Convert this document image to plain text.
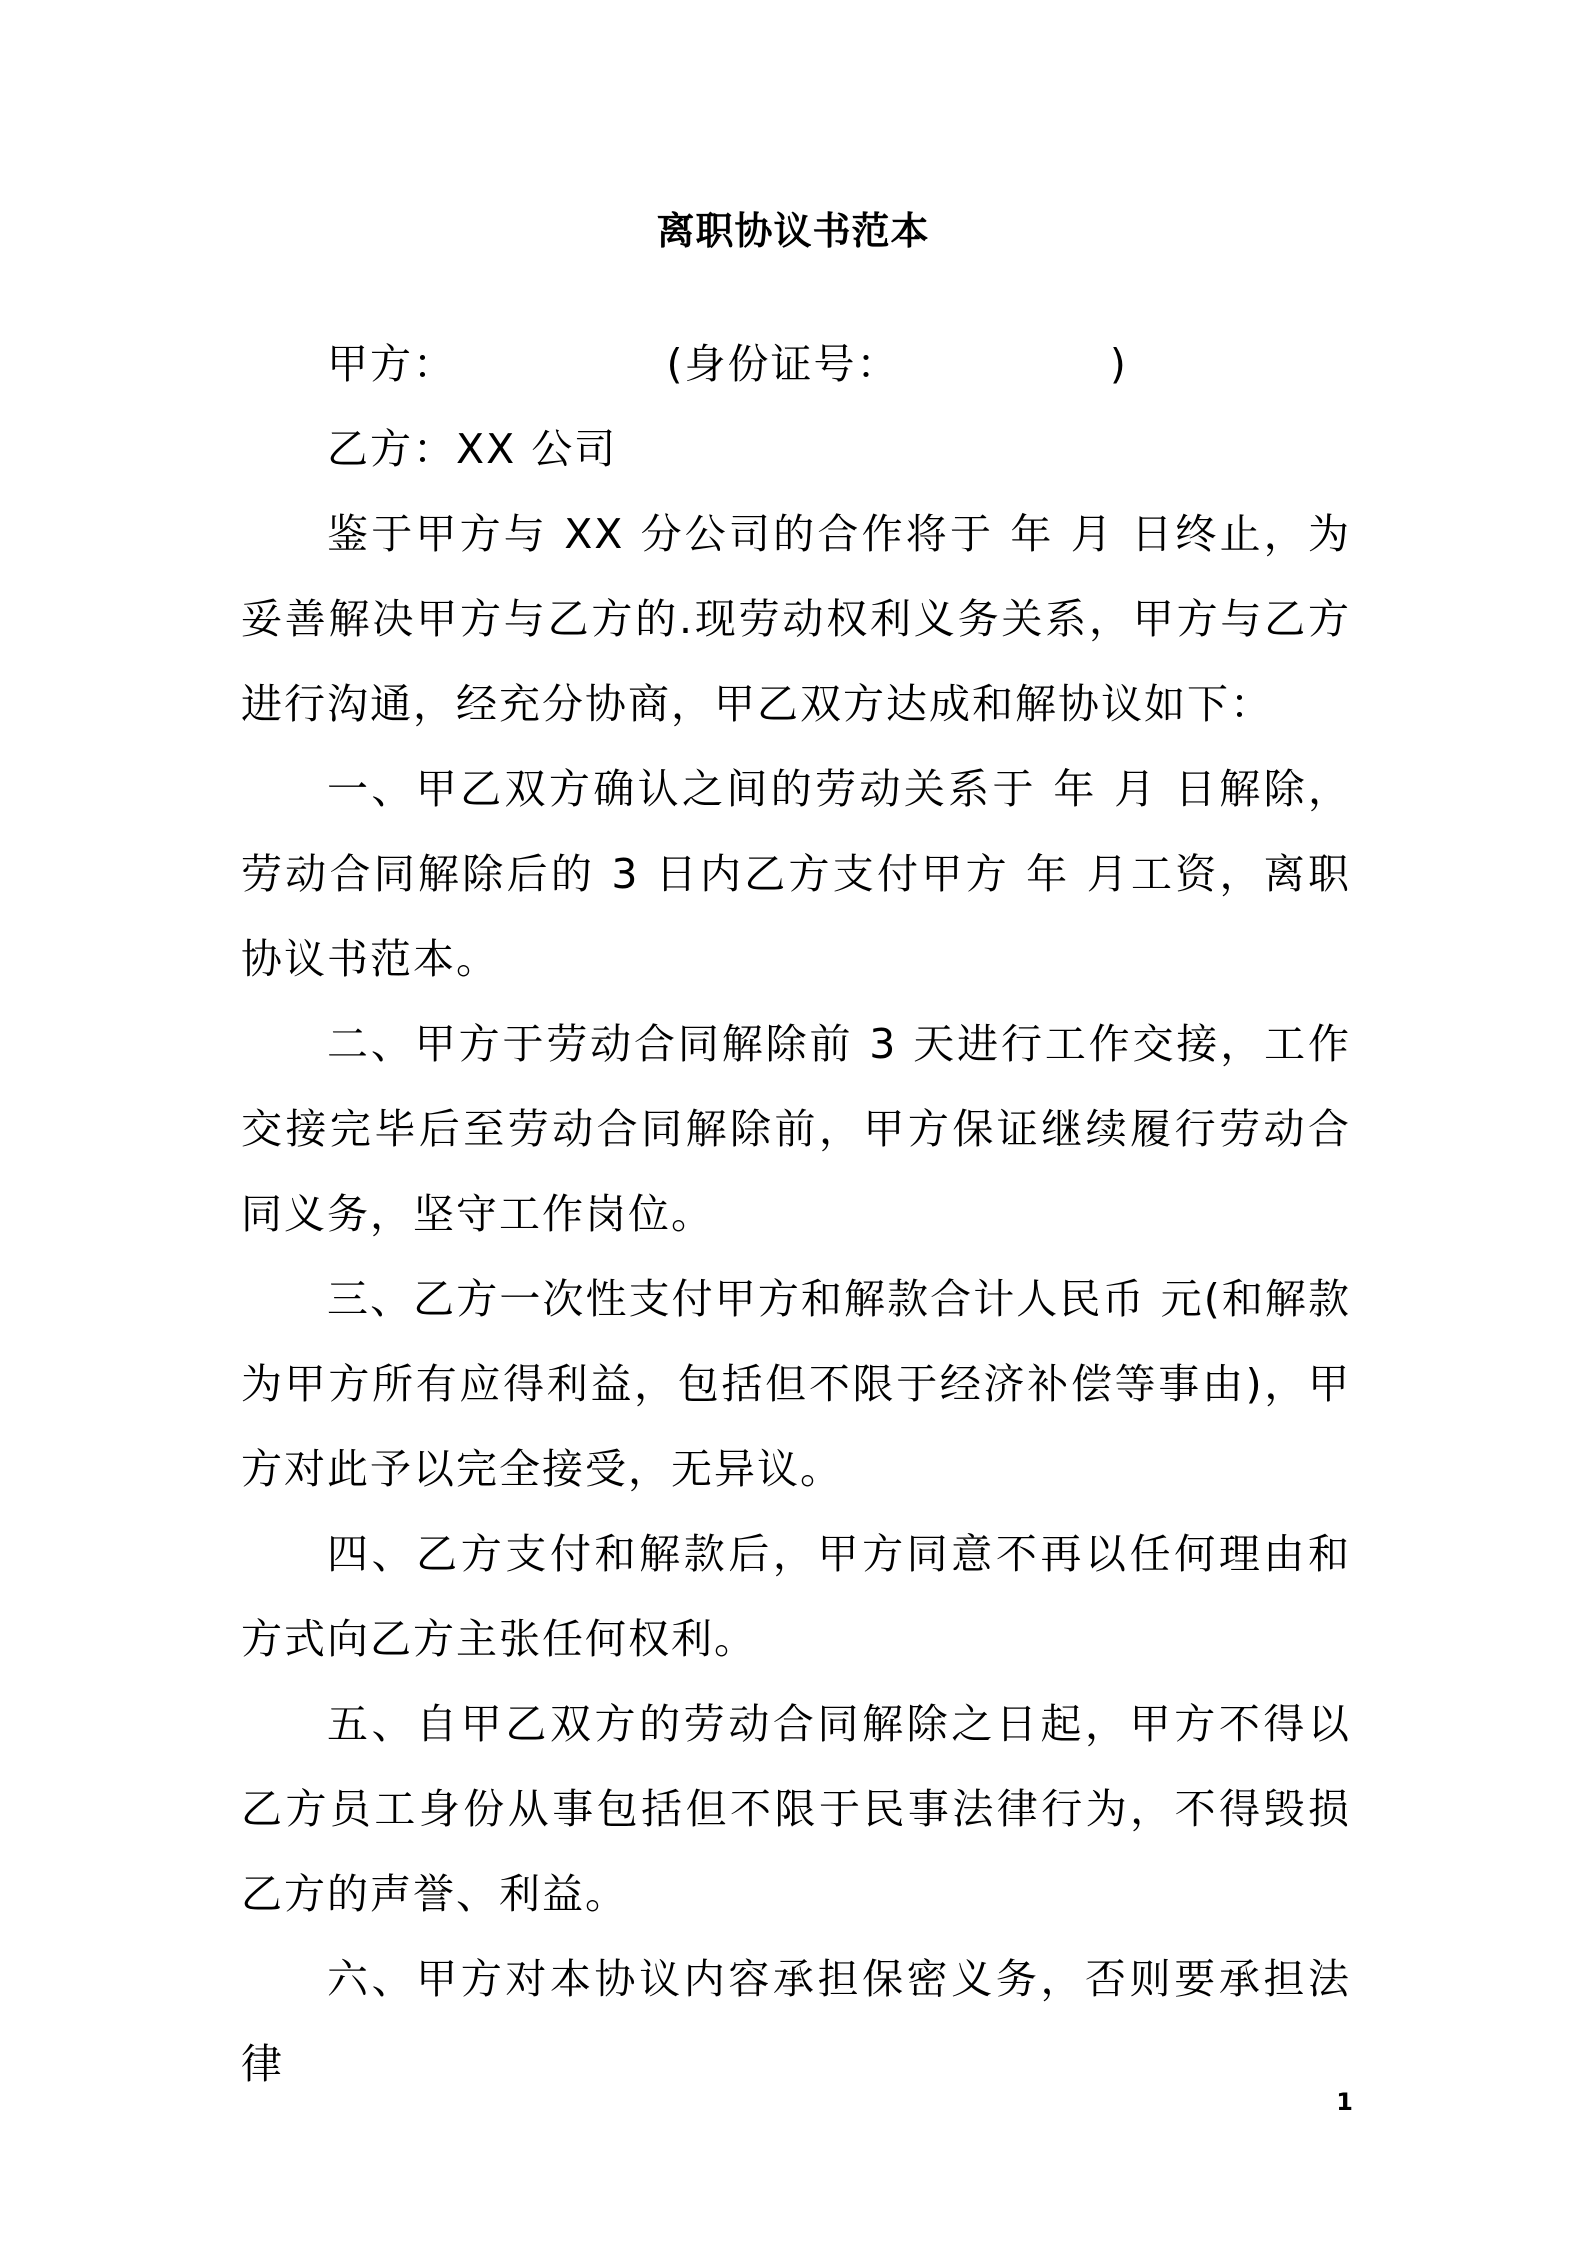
离职协议书范本
甲方：              (身份证号：              )
乙方：XX 公司
鉴于甲方与 XX 分公司的合作将于 年 月 日终止，为妥善解决甲方与乙方的.现劳动权利义务关系，甲方与乙方进行沟通，经充分协商，甲乙双方达成和解协议如下：
一、甲乙双方确认之间的劳动关系于 年 月 日解除，劳动合同解除后的 3 日内乙方支付甲方 年 月工资，离职协议书范本。
二、甲方于劳动合同解除前 3 天进行工作交接，工作交接完毕后至劳动合同解除前，甲方保证继续履行劳动合同义务，坚守工作岗位。
三、乙方一次性支付甲方和解款合计人民币 元(和解款为甲方所有应得利益，包括但不限于经济补偿等事由)，甲方对此予以完全接受，无异议。
四、乙方支付和解款后，甲方同意不再以任何理由和方式向乙方主张任何权利。
五、自甲乙双方的劳动合同解除之日起，甲方不得以乙方员工身份从事包括但不限于民事法律行为，不得毁损乙方的声誉、利益。
六、甲方对本协议内容承担保密义务，否则要承担法律
1
